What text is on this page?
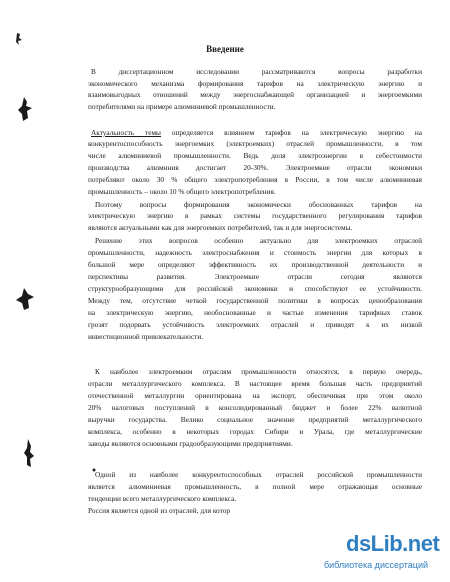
Введение
В диссертационном исследовании рассматриваются вопросы разработки
экономического механизма формирования тарифов на электрическую энергию и
взаимовыгодных отношений между энергоснабжающей организацией и энергоемкими
потребителями на примере алюминиевой промышленности.
Актуальность темы определяется влиянием тарифов на электрическую энергию на
конкурентоспособность энергоемких (электроемких) отраслей промышленности, в том
числе алюминиевой промышленности. Ведь доля электроэнергии в себестоимости
производства алюминия достигает 20-30%. Электроемкие отрасли экономики
потребляют около 30 % общего электропотребления в России, в том числе алюминиевая
промышленность – около 10 % общего электропотребления.
Поэтому вопросы формирования экономически обоснованных тарифов на
электрическую энергию в рамках системы государственного регулирования тарифов
являются актуальными как для энергоемких потребителей, так и для энергосистемы.
Решение этих вопросов особенно актуально для электроемких отраслей
промышленности, надежность электроснабжения и стоимость энергии для которых в
большой мере определяют эффективность их производственной деятельности и
перспективы развития. Электроемкие отрасли сегодня являются
структурообразующими для российской экономики и способствуют ее устойчивости.
Между тем, отсутствие четкой государственной политики в вопросах ценообразования
на электрическую энергию, необоснованные и частые изменения тарифных ставок
грозят подорвать устойчивость электроемких отраслей и приводят к их низкой
инвестиционной привлекательности.
К наиболее электроемким отраслям промышленности относятся, в первую очередь,
отрасли металлургического комплекса. В настоящее время большая часть предприятий
отечественной металлургии ориентирована на экспорт, обеспечивая при этом около
20% налоговых поступлений в консолидированный бюджет и более 22% валютной
выручки государства. Велико социальное значение предприятий металлургического
комплекса, особенно в некоторых городах Сибири и Урала, где металлургические
заводы являются основными градообразующими предприятиями.
Одной из наиболее конкурентоспособных отраслей российской промышленности
является алюминиевая промышленность, в полной мере отражающая основные
тенденции всего металлургического комплекса.
Россия является одной из отраслей, для котор
dsLib.net
библиотека диссертаций
